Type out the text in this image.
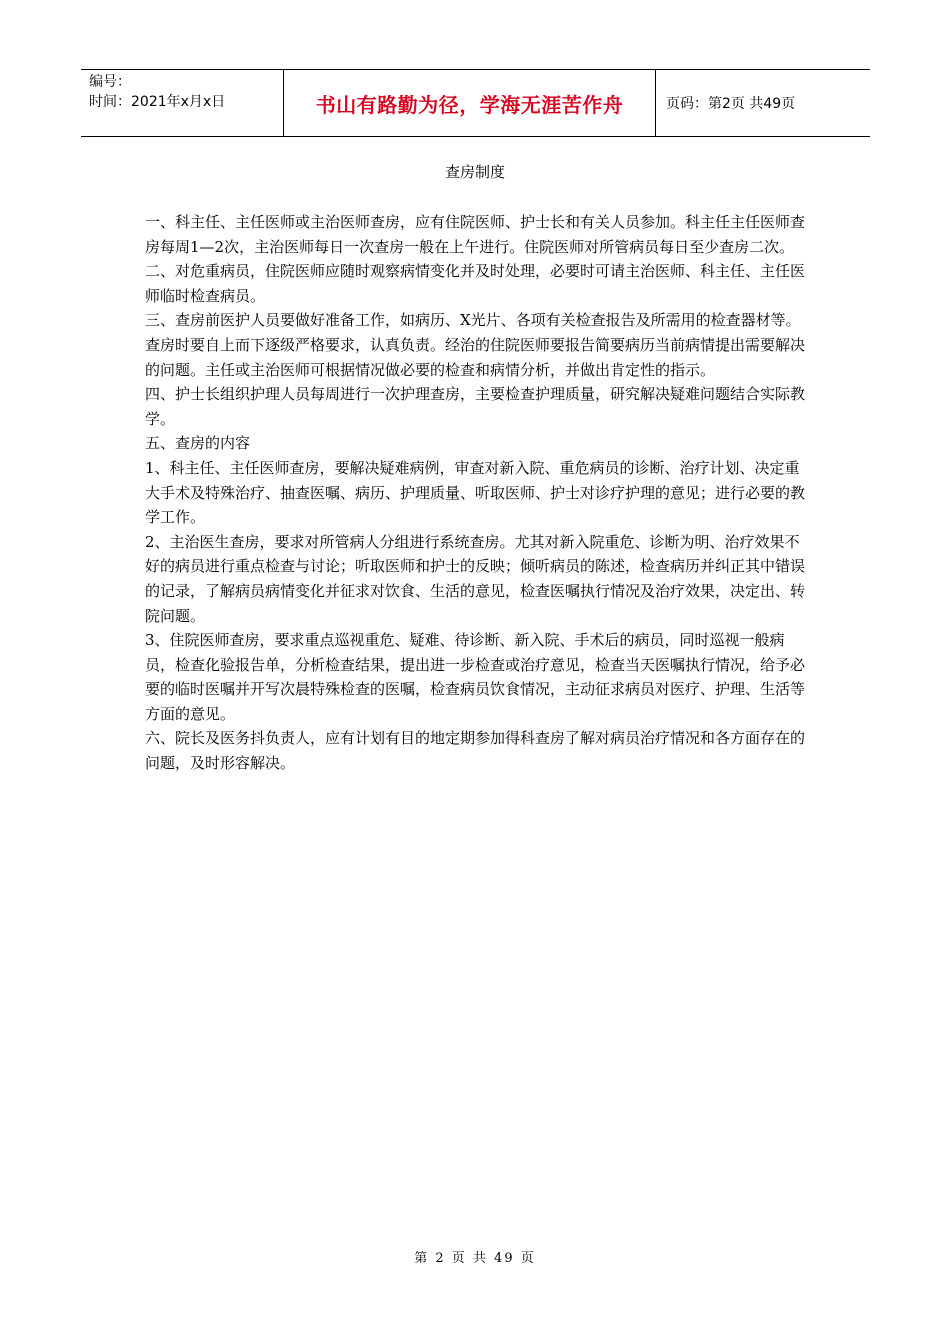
编号：
时间：2021年x月x日	书山有路勤为径，学海无涯苦作舟	页码：第2页 共49页
查房制度

一、科主任、主任医师或主治医师查房，应有住院医师、护士长和有关人员参加。科主任主任医师查房每周1—2次，主治医师每日一次查房一般在上午进行。住院医师对所管病员每日至少查房二次。

二、对危重病员，住院医师应随时观察病情变化并及时处理，必要时可请主治医师、科主任、主任医师临时检查病员。

三、查房前医护人员要做好准备工作，如病历、X光片、各项有关检查报告及所需用的检查器材等。查房时要自上而下逐级严格要求，认真负责。经治的住院医师要报告简要病历当前病情提出需要解决的问题。主任或主治医师可根据情况做必要的检查和病情分析，并做出肯定性的指示。

四、护士长组织护理人员每周进行一次护理查房，主要检查护理质量，研究解决疑难问题结合实际教学。

五、查房的内容

1、科主任、主任医师查房，要解决疑难病例，审查对新入院、重危病员的诊断、治疗计划、决定重大手术及特殊治疗、抽查医嘱、病历、护理质量、听取医师、护士对诊疗护理的意见；进行必要的教学工作。

2、主治医生查房，要求对所管病人分组进行系统查房。尤其对新入院重危、诊断为明、治疗效果不好的病员进行重点检查与讨论；听取医师和护士的反映；倾听病员的陈述，检查病历并纠正其中错误的记录，了解病员病情变化并征求对饮食、生活的意见，检查医嘱执行情况及治疗效果，决定出、转院问题。

3、住院医师查房，要求重点巡视重危、疑难、待诊断、新入院、手术后的病员，同时巡视一般病员，检查化验报告单，分析检查结果，提出进一步检查或治疗意见，检查当天医嘱执行情况，给予必要的临时医嘱并开写次晨特殊检查的医嘱，检查病员饮食情况，主动征求病员对医疗、护理、生活等方面的意见。

六、院长及医务抖负责人，应有计划有目的地定期参加得科查房了解对病员治疗情况和各方面存在的问题，及时形容解决。

第 2 页 共 49 页
